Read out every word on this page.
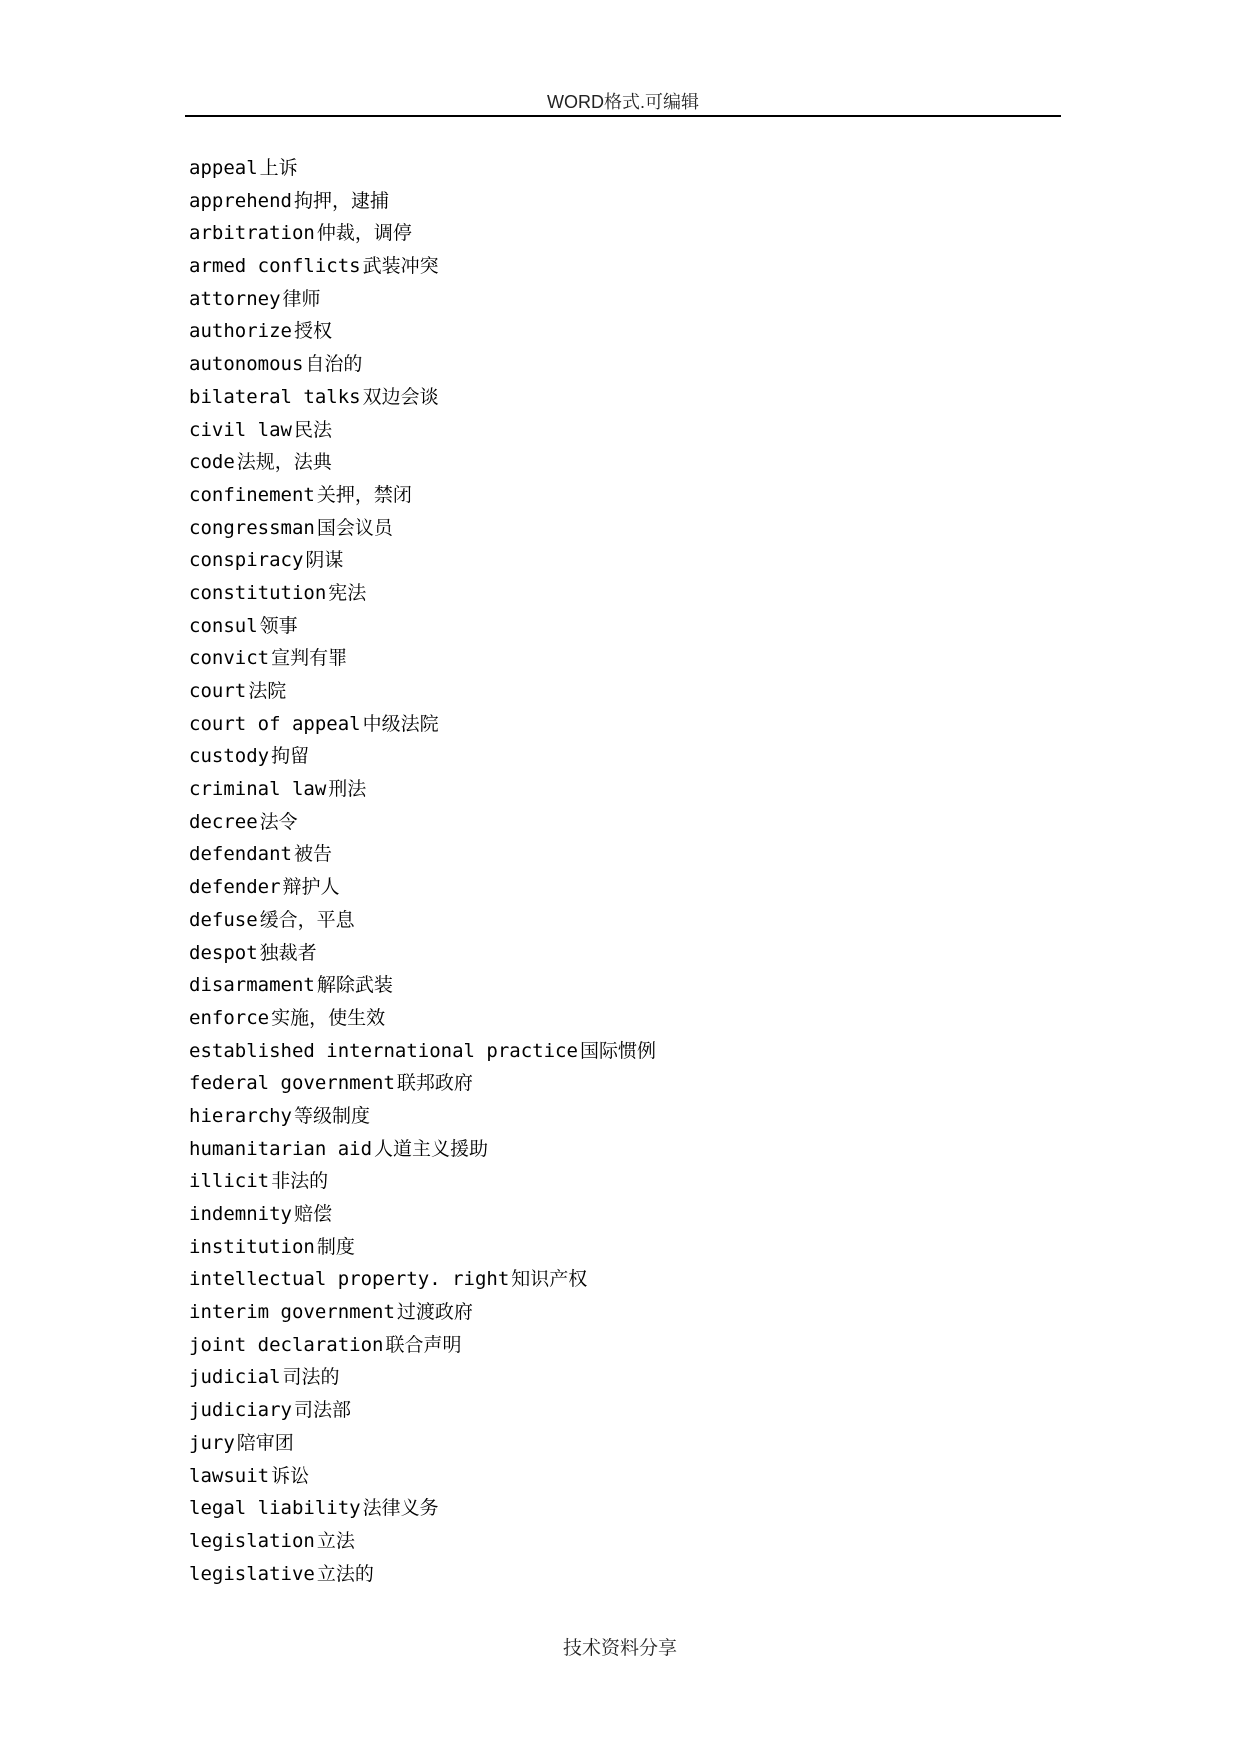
WORD格式.可编辑
appeal 上诉
apprehend 拘押，逮捕
arbitration 仲裁，调停
armed conflicts 武装冲突
attorney 律师
authorize 授权
autonomous 自治的
bilateral talks 双边会谈
civil law 民法
code 法规，法典
confinement 关押，禁闭
congressman 国会议员
conspiracy 阴谋
constitution 宪法
consul 领事
convict 宣判有罪
court 法院
court of appeal 中级法院
custody 拘留
criminal law 刑法
decree 法令
defendant 被告
defender 辩护人
defuse 缓合，平息
despot 独裁者
disarmament 解除武装
enforce 实施，使生效
established international practice 国际惯例
federal government 联邦政府
hierarchy 等级制度
humanitarian aid 人道主义援助
illicit 非法的
indemnity 赔偿
institution 制度
intellectual property. right 知识产权
interim government 过渡政府
joint declaration 联合声明
judicial 司法的
judiciary 司法部
jury 陪审团
lawsuit 诉讼
legal liability 法律义务
legislation 立法
legislative 立法的
技术资料分享
